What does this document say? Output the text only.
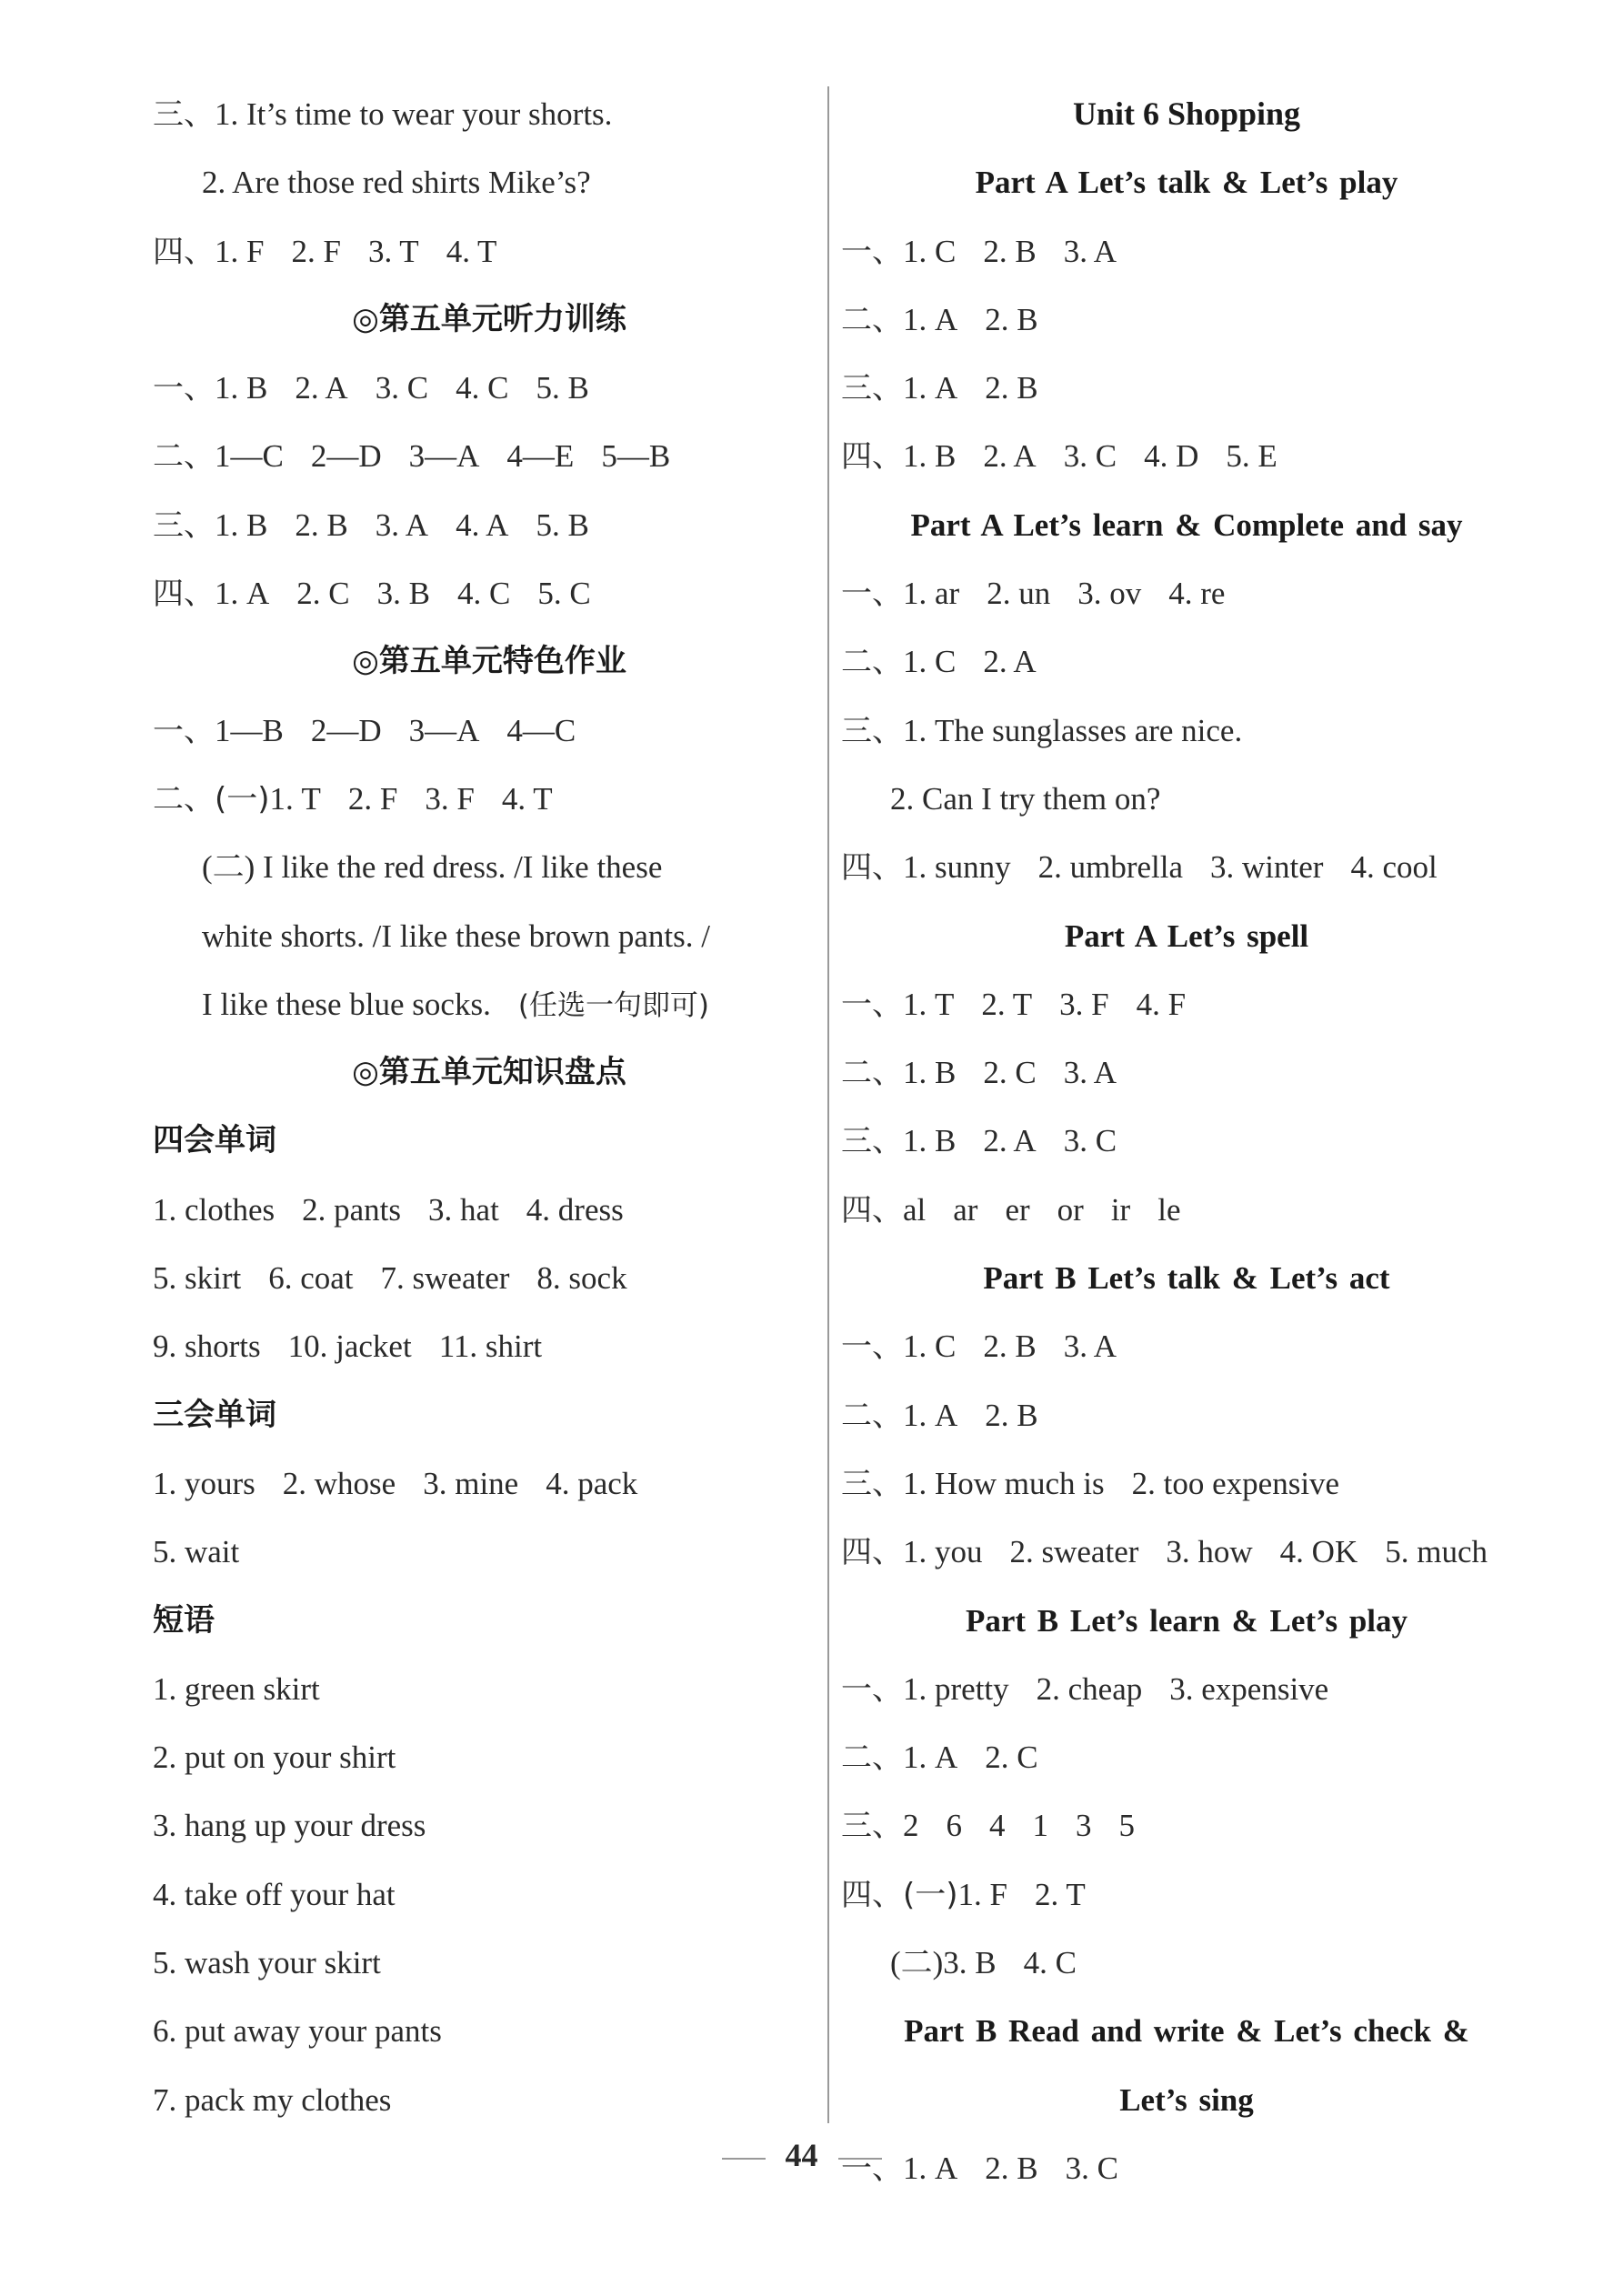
三、1. It’s time to wear your shorts.
2. Are those red shirts Mike’s?
四、1. F 2. F 3. T 4. T
◎第五单元听力训练
一、1. B 2. A 3. C 4. C 5. B
二、1—C 2—D 3—A 4—E 5—B
三、1. B 2. B 3. A 4. A 5. B
四、1. A 2. C 3. B 4. C 5. C
◎第五单元特色作业
一、1—B 2—D 3—A 4—C
二、(一)1. T 2. F 3. F 4. T
(二) I like the red dress. /I like these
white shorts. /I like these brown pants. /
I like these blue socks. (任选一句即可)
◎第五单元知识盘点
四会单词
1. clothes 2. pants 3. hat 4. dress
5. skirt 6. coat 7. sweater 8. sock
9. shorts 10. jacket 11. shirt
三会单词
1. yours 2. whose 3. mine 4. pack
5. wait
短语
1. green skirt
2. put on your shirt
3. hang up your dress
4. take off your hat
5. wash your skirt
6. put away your pants
7. pack my clothes
Unit 6 Shopping
Part A Let’s talk & Let’s play
一、1. C 2. B 3. A
二、1. A 2. B
三、1. A 2. B
四、1. B 2. A 3. C 4. D 5. E
Part A Let’s learn & Complete and say
一、1. ar 2. un 3. ov 4. re
二、1. C 2. A
三、1. The sunglasses are nice.
2. Can I try them on?
四、1. sunny 2. umbrella 3. winter 4. cool
Part A Let’s spell
一、1. T 2. T 3. F 4. F
二、1. B 2. C 3. A
三、1. B 2. A 3. C
四、al ar er or ir le
Part B Let’s talk & Let’s act
一、1. C 2. B 3. A
二、1. A 2. B
三、1. How much is 2. too expensive
四、1. you 2. sweater 3. how 4. OK 5. much
Part B Let’s learn & Let’s play
一、1. pretty 2. cheap 3. expensive
二、1. A 2. C
三、2 6 4 1 3 5
四、(一)1. F 2. T
(二)3. B 4. C
Part B Read and write & Let’s check &
Let’s sing
一、1. A 2. B 3. C
44
